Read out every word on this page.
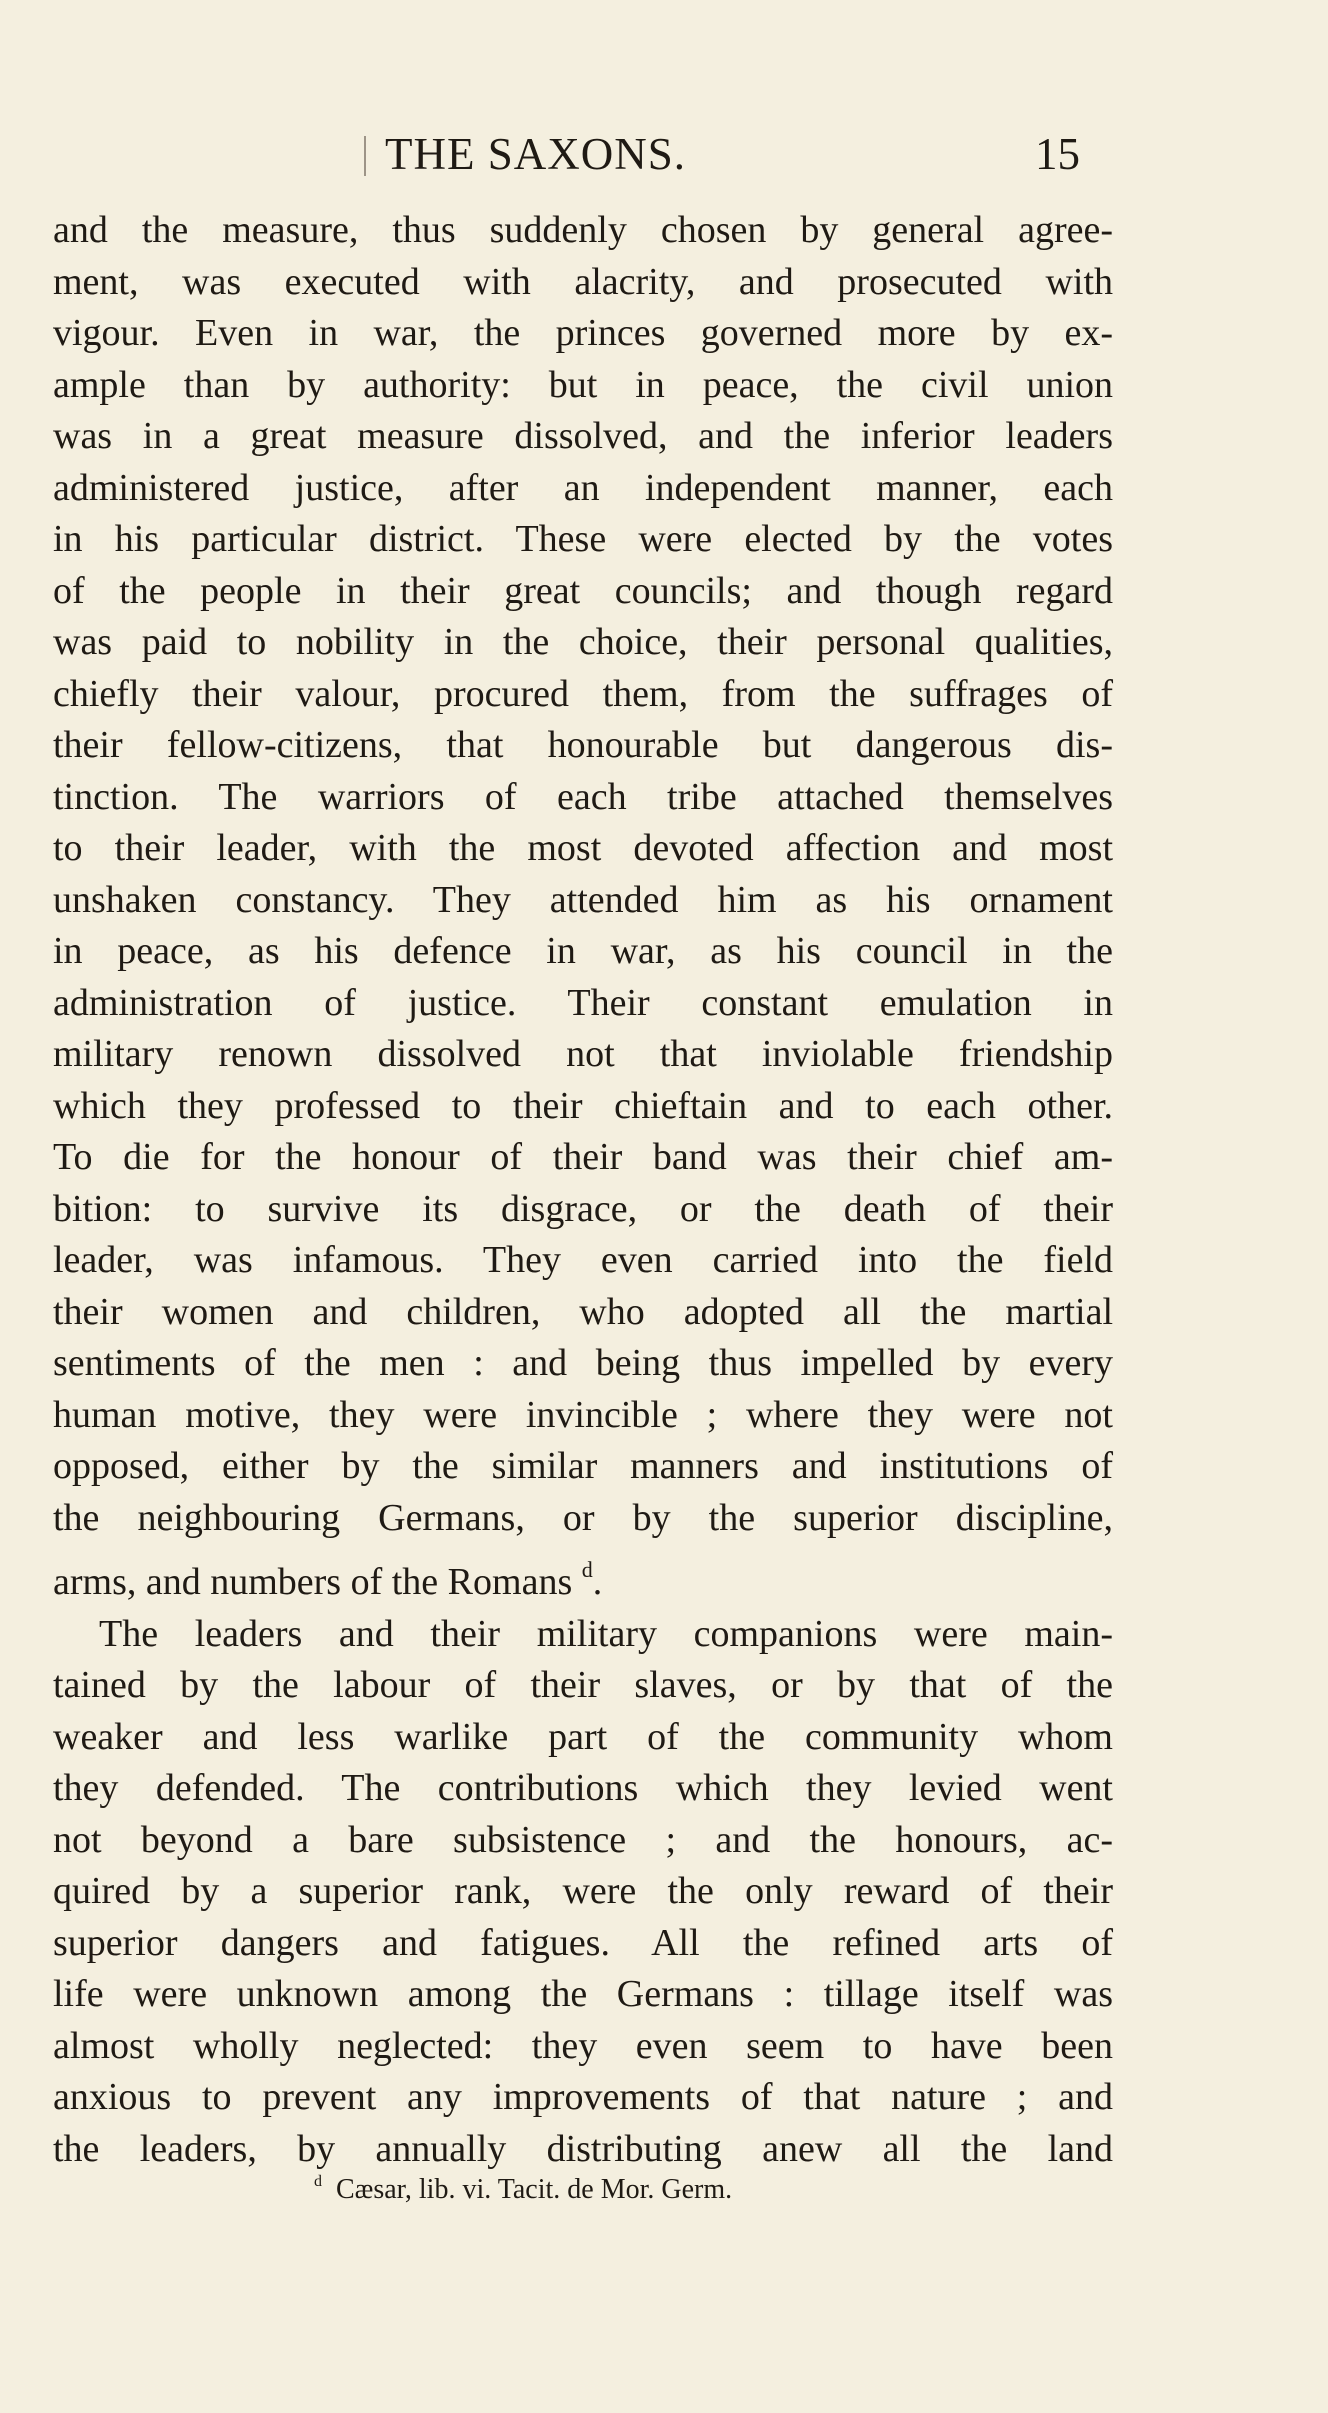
THE SAXONS.	15
and the measure, thus suddenly chosen by general agree-
ment, was executed with alacrity, and prosecuted with
vigour. Even in war, the princes governed more by ex-
ample than by authority: but in peace, the civil union
was in a great measure dissolved, and the inferior leaders
administered justice, after an independent manner, each
in his particular district. These were elected by the votes
of the people in their great councils; and though regard
was paid to nobility in the choice, their personal qualities,
chiefly their valour, procured them, from the suffrages of
their fellow-citizens, that honourable but dangerous dis-
tinction. The warriors of each tribe attached themselves
to their leader, with the most devoted affection and most
unshaken constancy. They attended him as his ornament
in peace, as his defence in war, as his council in the
administration of justice. Their constant emulation in
military renown dissolved not that inviolable friendship
which they professed to their chieftain and to each other.
To die for the honour of their band was their chief am-
bition: to survive its disgrace, or the death of their
leader, was infamous. They even carried into the field
their women and children, who adopted all the martial
sentiments of the men : and being thus impelled by every
human motive, they were invincible ; where they were not
opposed, either by the similar manners and institutions of
the neighbouring Germans, or by the superior discipline,
arms, and numbers of the Romans $^d$.
The leaders and their military companions were main-
tained by the labour of their slaves, or by that of the
weaker and less warlike part of the community whom
they defended. The contributions which they levied went
not beyond a bare subsistence ; and the honours, ac-
quired by a superior rank, were the only reward of their
superior dangers and fatigues. All the refined arts of
life were unknown among the Germans : tillage itself was
almost wholly neglected: they even seem to have been
anxious to prevent any improvements of that nature ; and
the leaders, by annually distributing anew all the land
$^d$ Cæsar, lib. vi. Tacit. de Mor. Germ.
